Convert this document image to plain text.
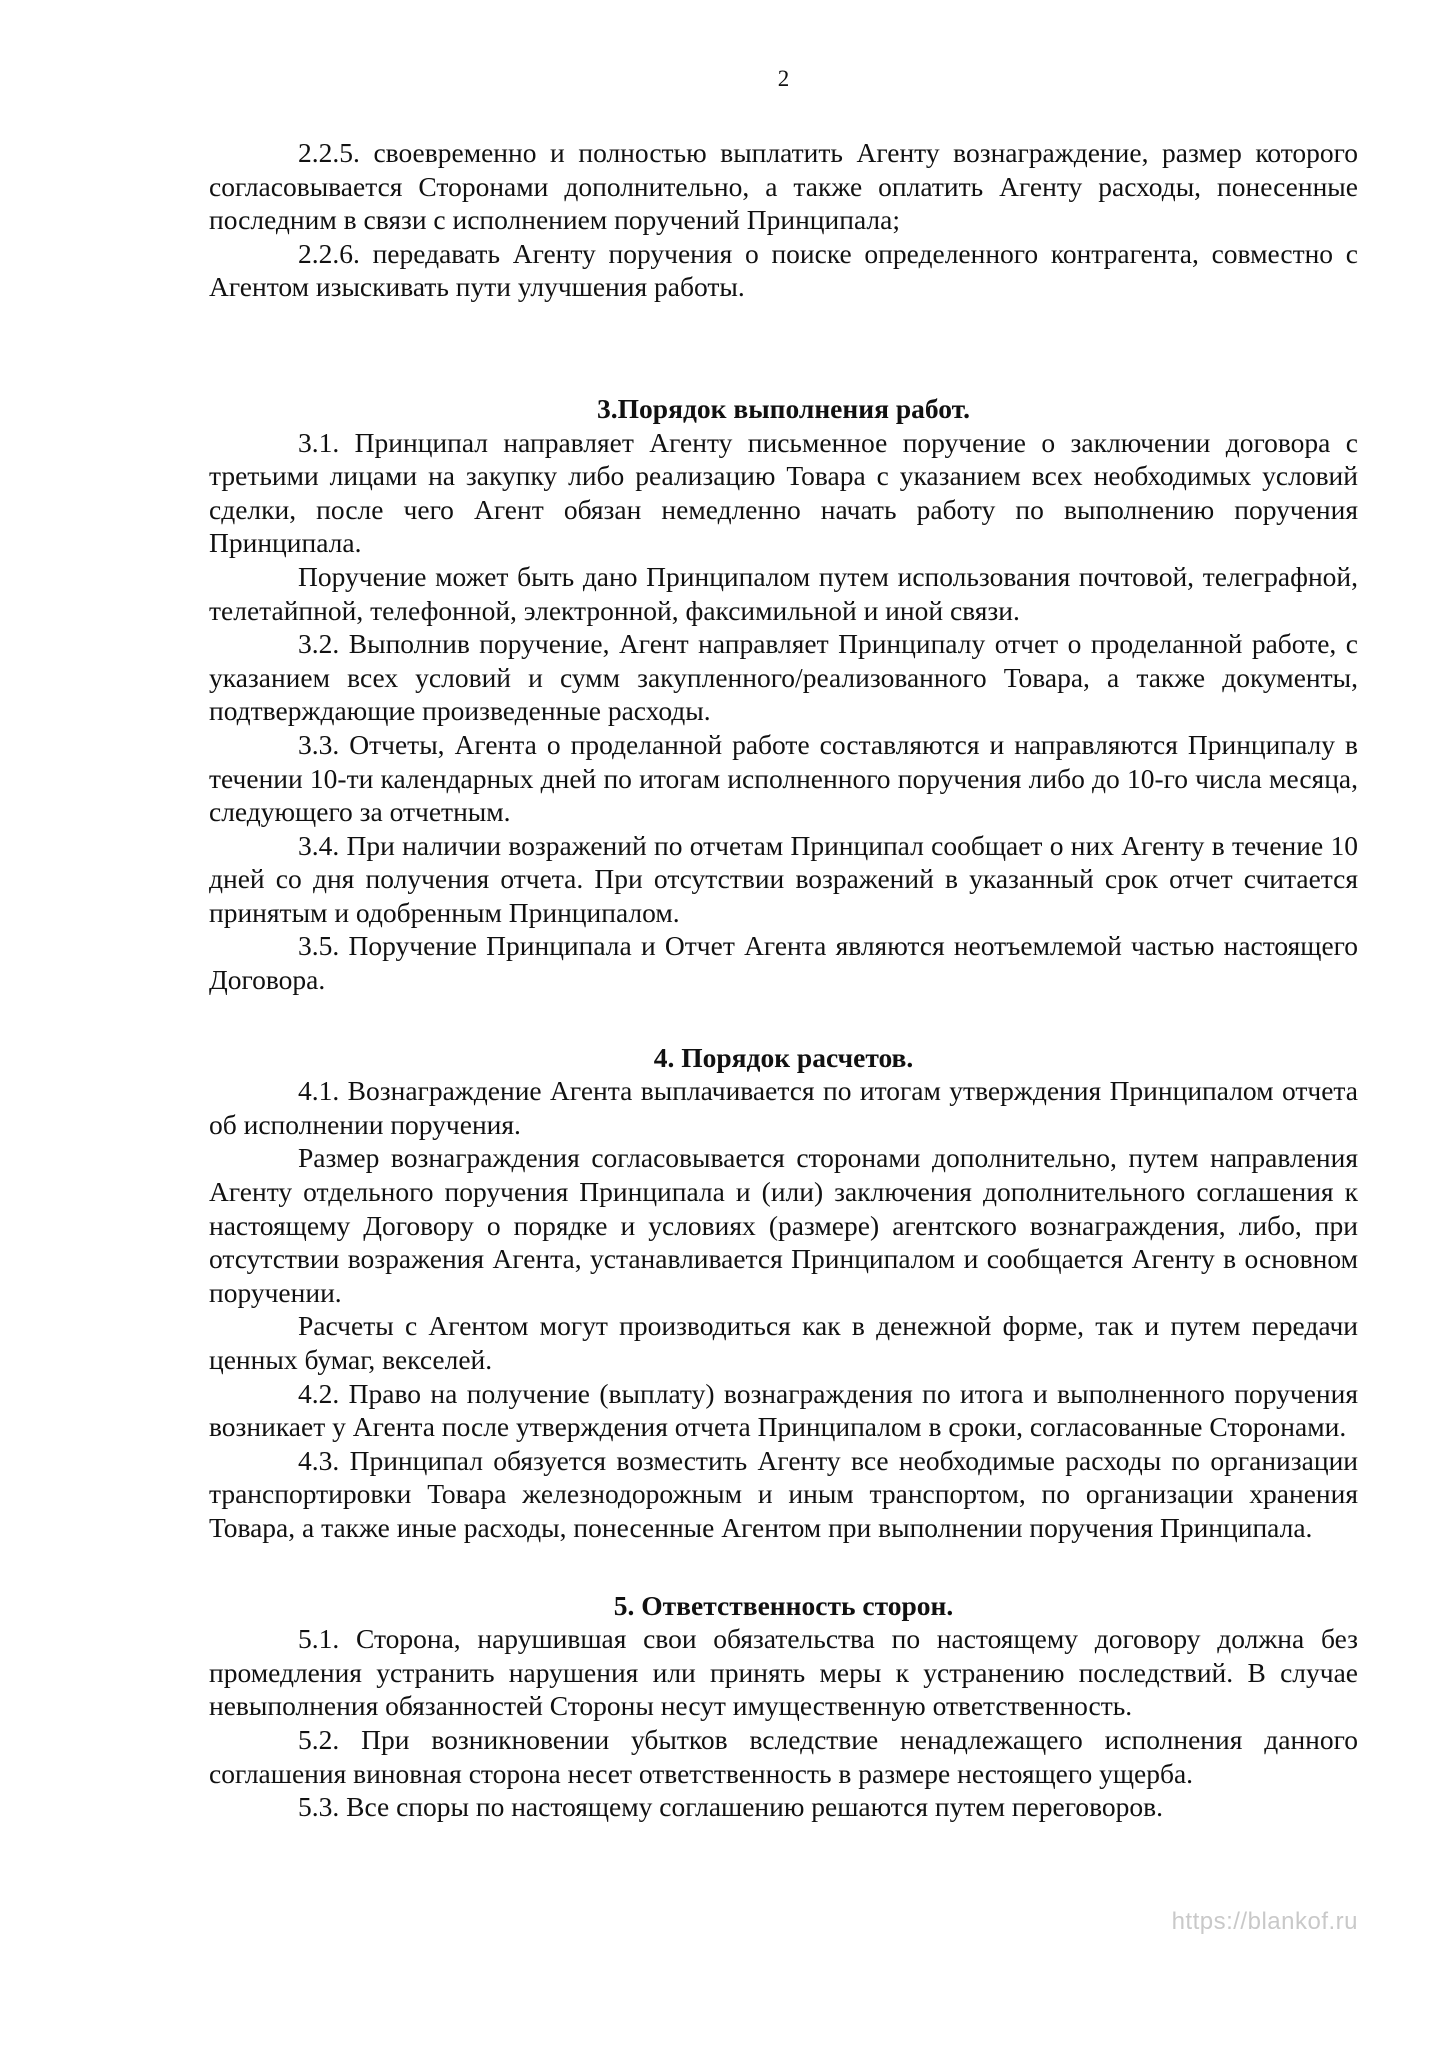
2

2.2.5. своевременно и полностью выплатить Агенту вознаграждение, размер которого согласовывается Сторонами дополнительно, а также оплатить Агенту расходы, понесенные последним в связи с исполнением поручений Принципала;

2.2.6. передавать Агенту поручения о поиске определенного контрагента, совместно с Агентом изыскивать пути улучшения работы.

3.Порядок выполнения работ.

3.1. Принципал направляет Агенту письменное поручение о заключении договора с третьими лицами на закупку либо реализацию Товара с указанием всех необходимых условий сделки, после чего Агент обязан немедленно начать работу по выполнению поручения Принципала.

Поручение может быть дано Принципалом путем использования почтовой, телеграфной, телетайпной, телефонной, электронной, факсимильной и иной связи.

3.2. Выполнив поручение, Агент направляет Принципалу отчет о проделанной работе, с указанием всех условий и сумм закупленного/реализованного Товара, а также документы, подтверждающие произведенные расходы.

3.3. Отчеты, Агента о проделанной работе составляются и направляются Принципалу в течении 10-ти календарных дней по итогам исполненного поручения либо до 10-го числа месяца, следующего за отчетным.

3.4. При наличии возражений по отчетам Принципал сообщает о них Агенту в течение 10 дней со дня получения отчета. При отсутствии возражений в указанный срок отчет считается принятым и одобренным Принципалом.

3.5. Поручение Принципала и Отчет Агента являются неотъемлемой частью настоящего Договора.

4. Порядок расчетов.

4.1. Вознаграждение Агента выплачивается по итогам утверждения Принципалом отчета об исполнении поручения.

Размер вознаграждения согласовывается сторонами дополнительно, путем направления Агенту отдельного поручения Принципала и (или) заключения дополнительного соглашения к настоящему Договору о порядке и условиях (размере) агентского вознаграждения, либо, при отсутствии возражения Агента, устанавливается Принципалом и сообщается Агенту в основном поручении.

Расчеты с Агентом могут производиться как в денежной форме, так и путем передачи ценных бумаг, векселей.

4.2. Право на получение (выплату) вознаграждения по итога и выполненного поручения возникает у Агента после утверждения отчета Принципалом в сроки, согласованные Сторонами.

4.3. Принципал обязуется возместить Агенту все необходимые расходы по организации транспортировки Товара железнодорожным и иным транспортом, по организации хранения Товара, а также иные расходы, понесенные Агентом при выполнении поручения Принципала.

5. Ответственность сторон.

5.1. Сторона, нарушившая свои обязательства по настоящему договору должна без промедления устранить нарушения или принять меры к устранению последствий. В случае невыполнения обязанностей Стороны несут имущественную ответственность.

5.2. При возникновении убытков вследствие ненадлежащего исполнения данного соглашения виновная сторона несет ответственность в размере нестоящего ущерба.

5.3. Все споры по настоящему соглашению решаются путем переговоров.

https://blankof.ru
